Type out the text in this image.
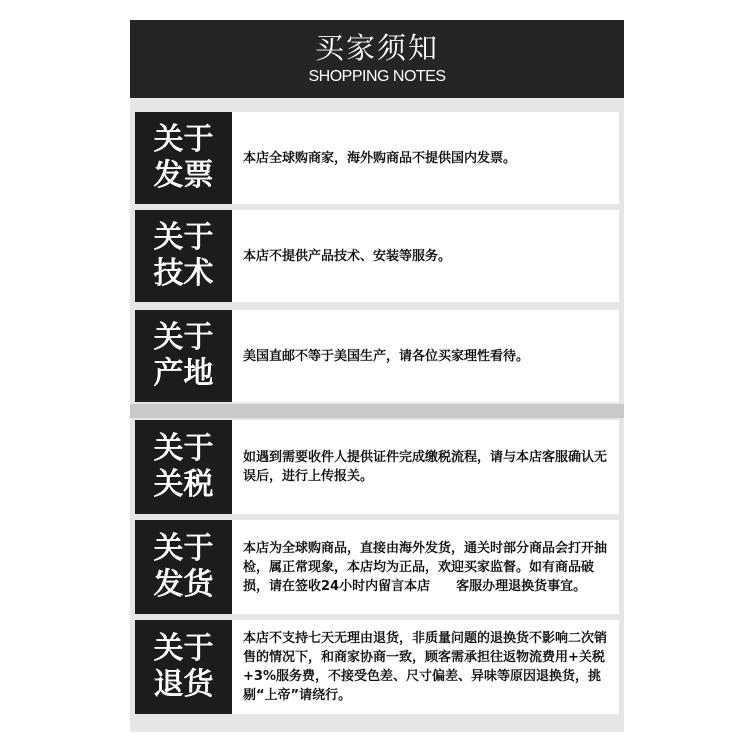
买家须知
SHOPPING NOTES
关于
发票 本店全球购商家，海外购商品不提供国内发票。
关于
技术 本店不提供产品技术、安装等服务。
关于
产地 美国直邮不等于美国生产，请各位买家理性看待。
关于
关税
如遇到需要收件人提供证件完成缴税流程，请与本店客服确认无误后，进行上传报关。
关于
发货
本店为全球购商品，直接由海外发货，通关时部分商品会打开抽检，属正常现象，本店均为正品，欢迎买家监督。如有商品破损，请在签收24小时内留言本店　　客服办理退换货事宜。
关于
退货
本店不支持七天无理由退货，非质量问题的退换货不影响二次销售的情况下，和商家协商一致，顾客需承担往返物流费用+关税+3%服务费，不接受色差、尺寸偏差、异味等原因退换货，挑剔“上帝”请绕行。
